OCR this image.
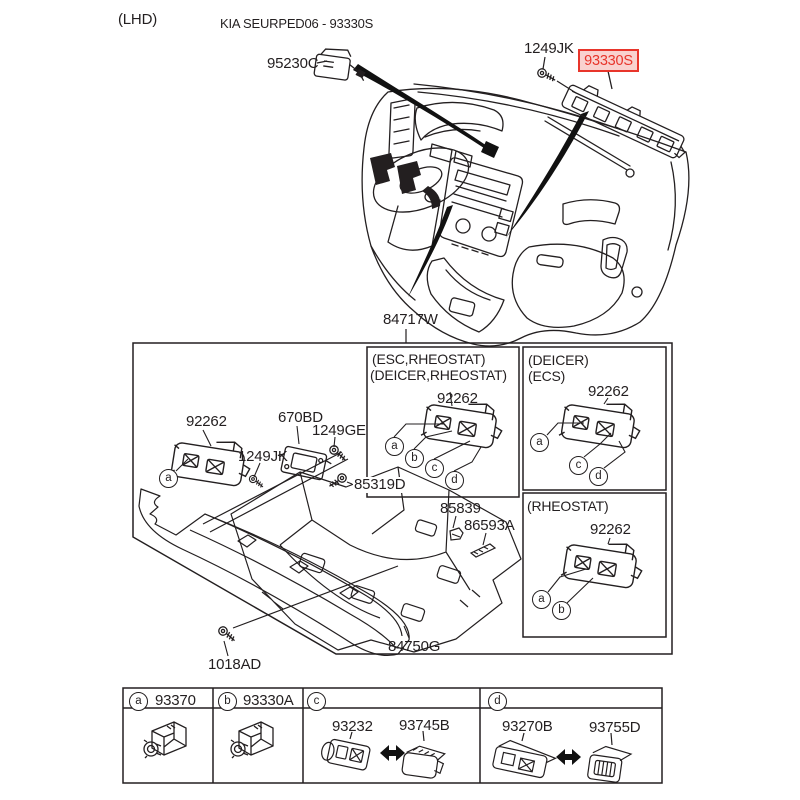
(LHD)	KIA SEURPED06 - 93330S
95230C
1249JK
93330S
84717W
92262	670BD
1249GE
1249JK
85319D
85839
86593A
84750G
1018AD
(ESC,RHEOSTAT)
(DEICER,RHEOSTAT)
92262
(DEICER)
(ECS)
92262
(RHEOSTAT)
92262
a
a
b
c
d
a
c
d
a
b
a 93370	b 93330A	c	d
93232 93745B	93270B 93755D
